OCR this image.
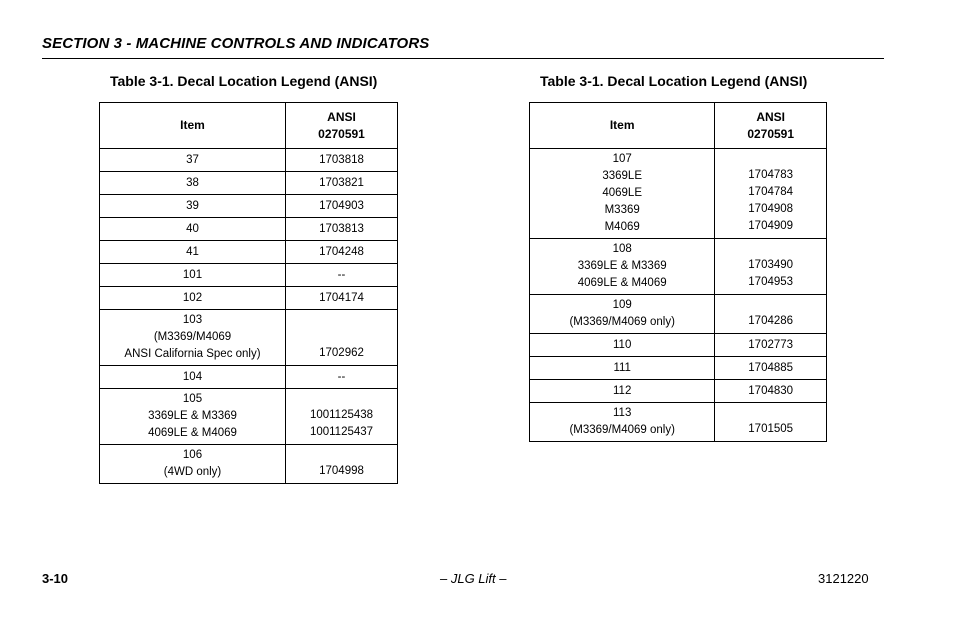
SECTION 3 - MACHINE CONTROLS AND INDICATORS
Table 3-1. Decal Location Legend (ANSI)	Table 3-1. Decal Location Legend (ANSI)
Item	ANSI
0270591

37	1703818

38	1703821

39	1704903

40	1703813

41	1704248

101	--

102	1704174

103
(M3369/M4069
ANSI California Spec only)	1702962

104	--

105
3369LE & M3369
4069LE & M4069	1001125438
1001125437

106
(4WD only)	1704998
Item	ANSI
0270591

107
3369LE
4069LE
M3369
M4069	1704783
1704784
1704908
1704909

108
3369LE & M3369
4069LE & M4069	1703490
1704953

109
(M3369/M4069 only)	1704286

110	1702773

111	1704885

112	1704830

113
(M3369/M4069 only)	1701505
3-10	– JLG Lift –	3121220
